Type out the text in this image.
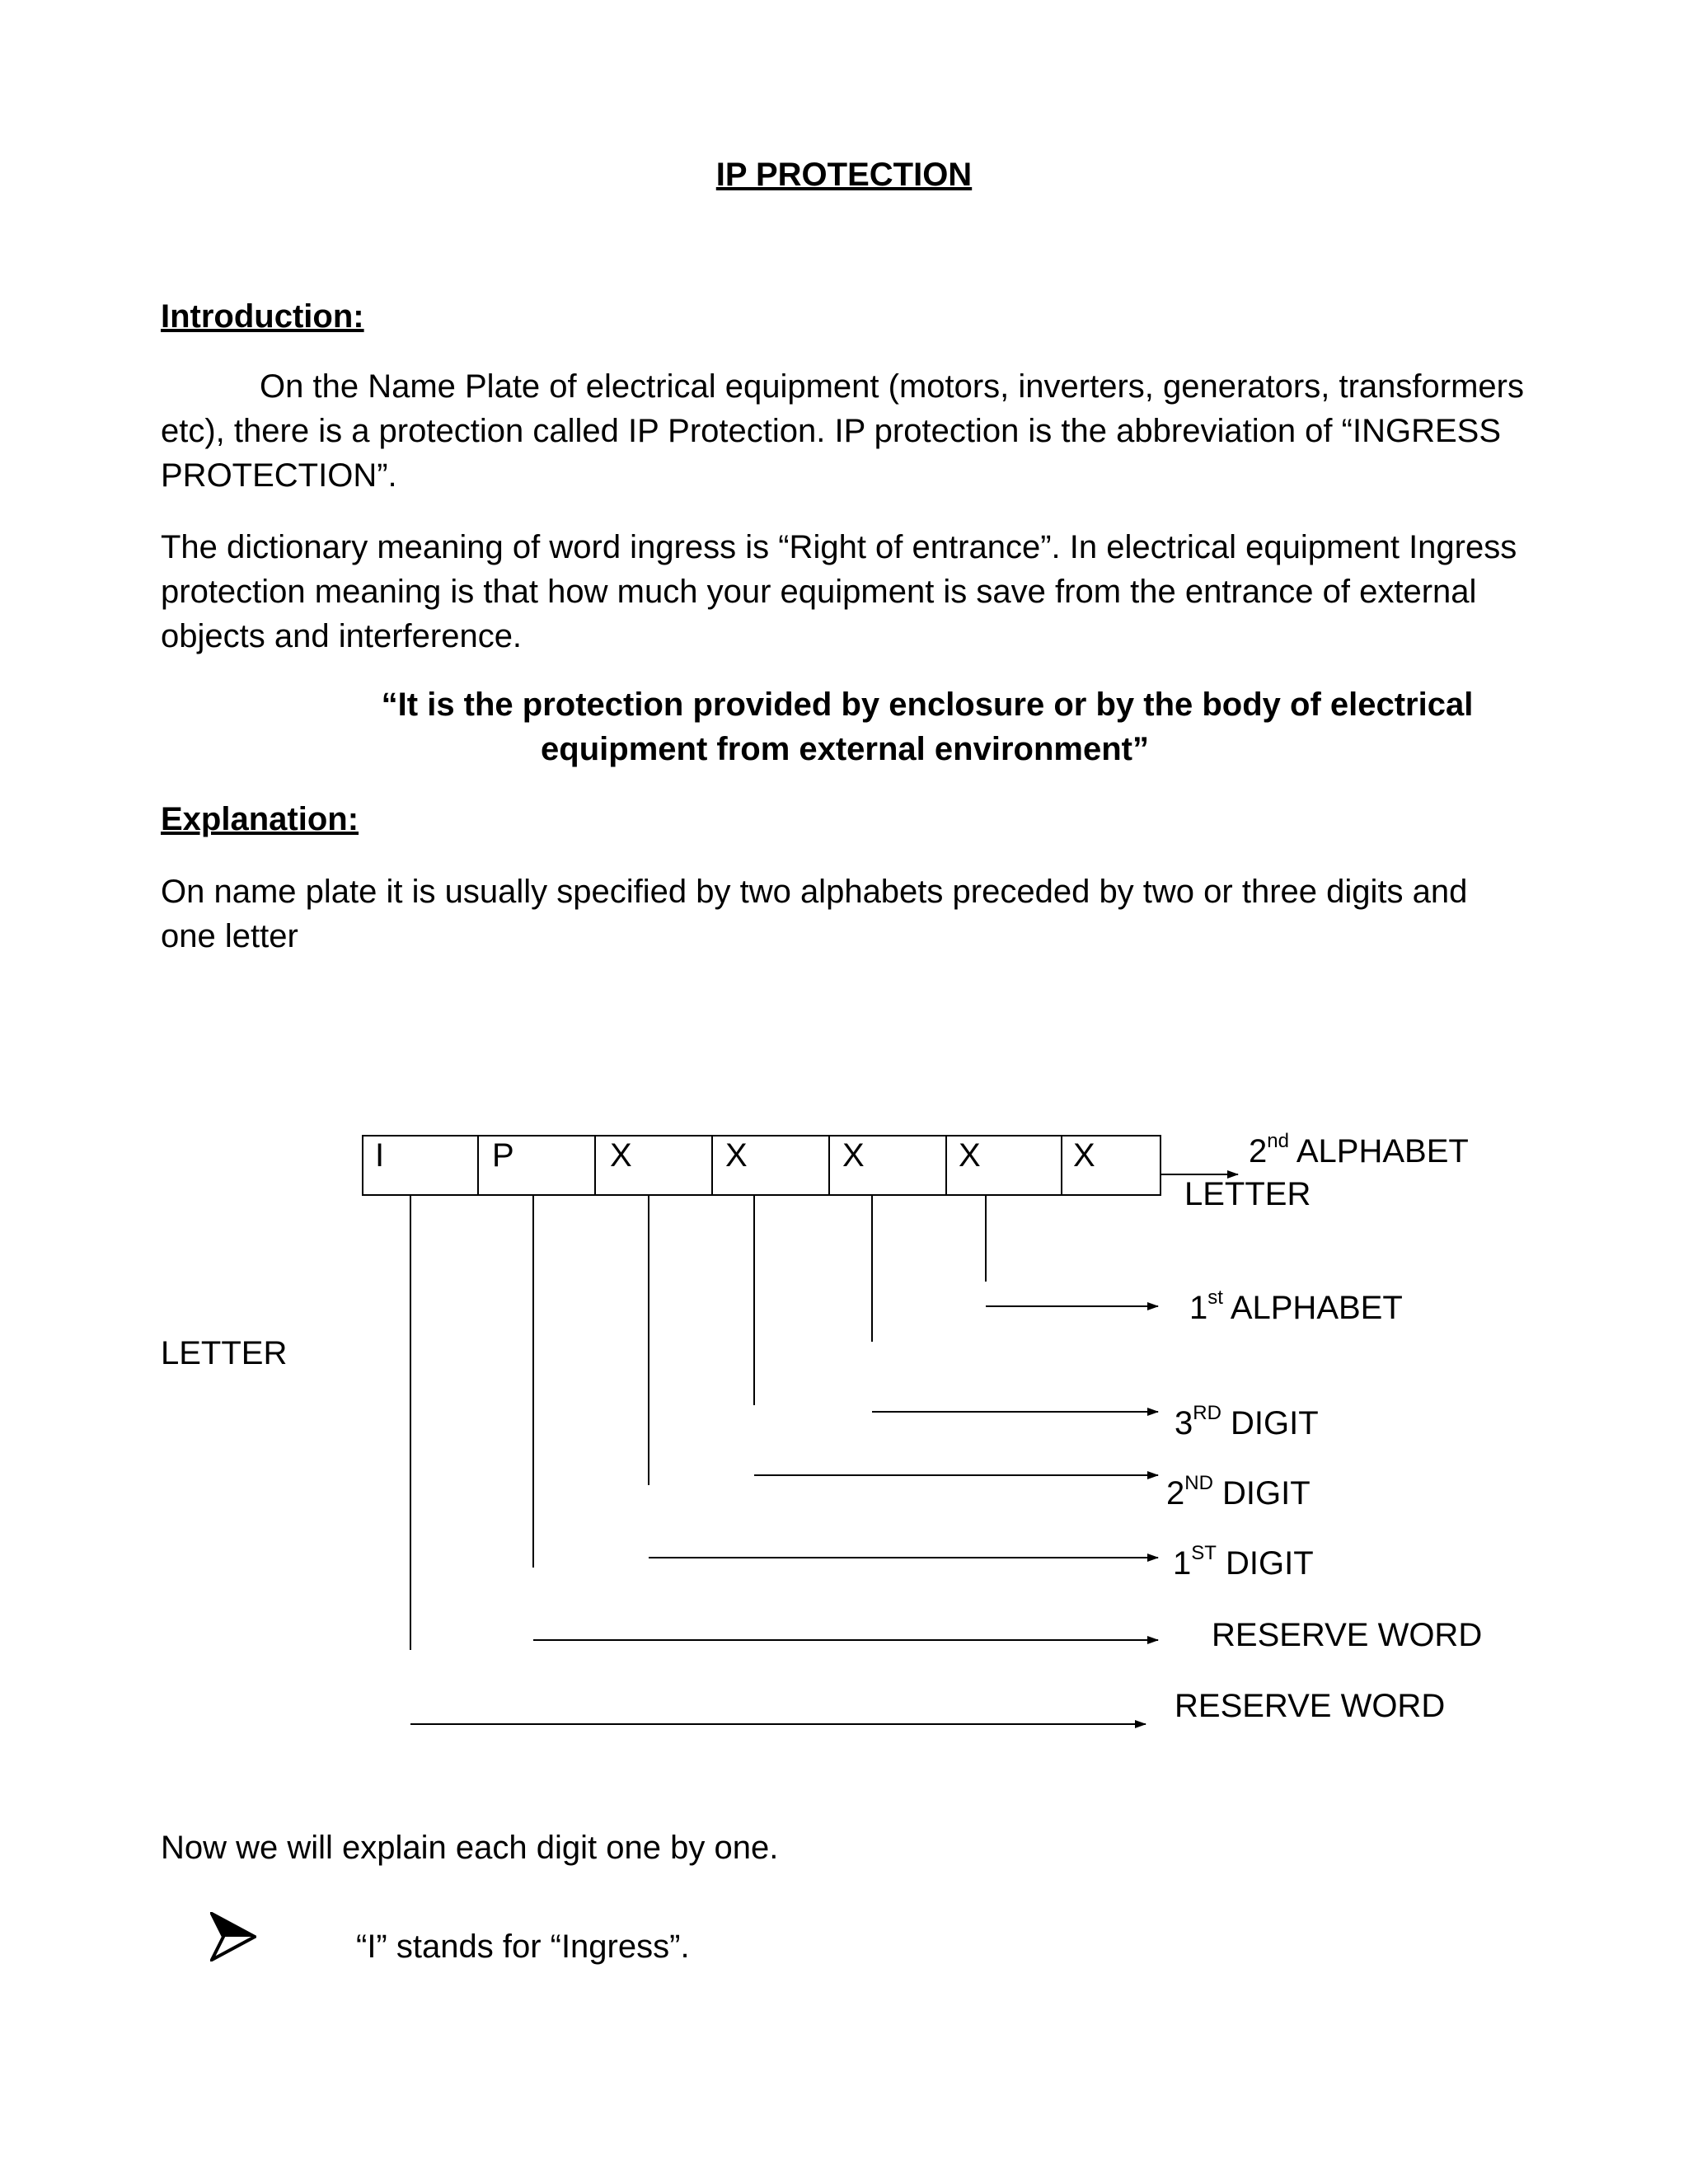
IP PROTECTION
Introduction:

On the Name Plate of electrical equipment (motors, inverters, generators, transformers etc), there is a protection called IP Protection. IP protection is the abbreviation of “INGRESS PROTECTION”.

The dictionary meaning of word ingress is “Right of entrance”. In electrical equipment Ingress protection meaning is that how much your equipment is save from the entrance of external objects and interference.

“It is the protection provided by enclosure or by the body of electrical
equipment from external environment”
Explanation:

On name plate it is usually specified by two alphabets preceded by two or three digits and one letter

I	P	X	X	X	X	X	2nd ALPHABET
LETTER
LETTER
1st ALPHABET
3RD DIGIT
2ND DIGIT
1ST DIGIT
RESERVE WORD
RESERVE WORD
Now we will explain each digit one by one.
“I” stands for “Ingress”.
